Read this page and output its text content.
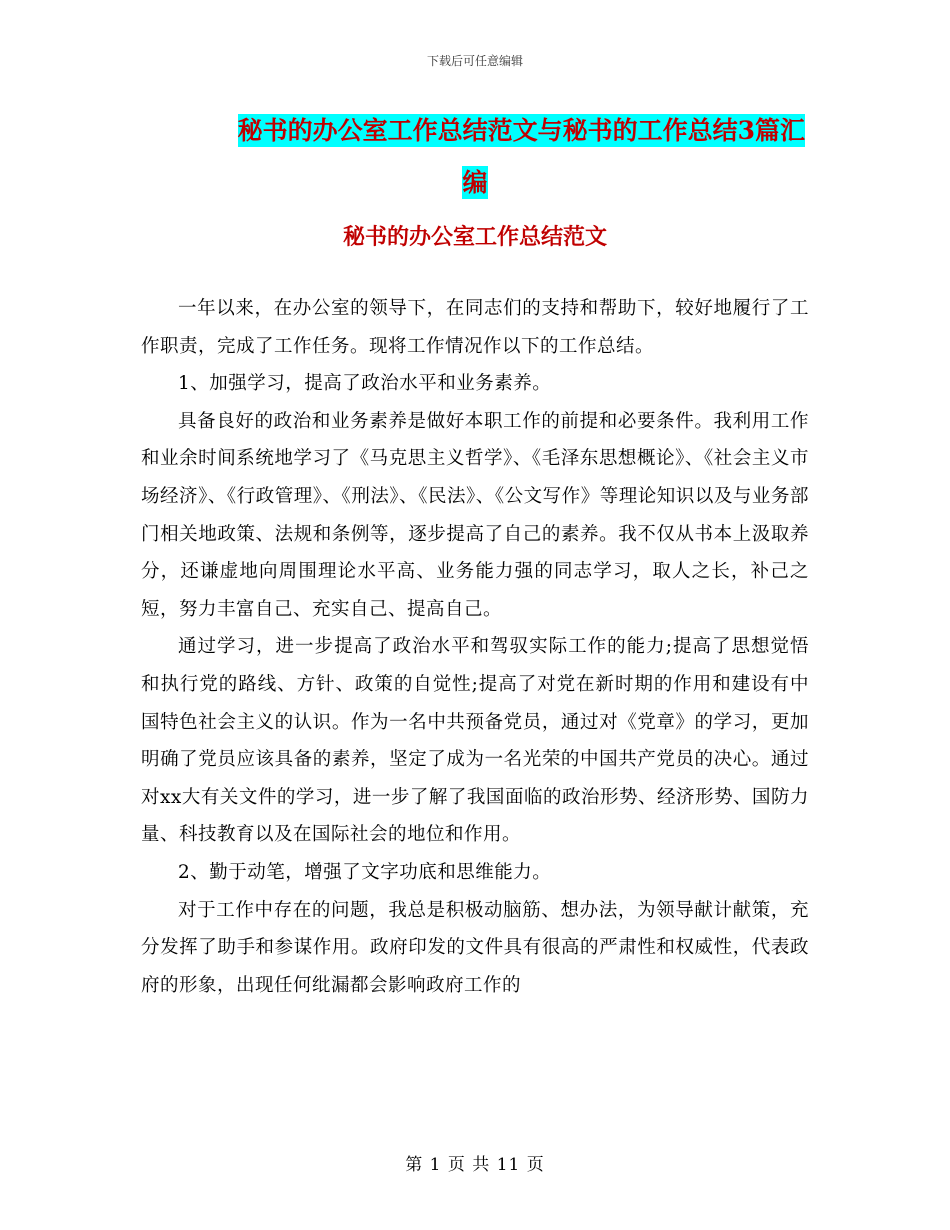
下载后可任意编辑
秘书的办公室工作总结范文与秘书的工作总结3篇汇
编
秘书的办公室工作总结范文

一年以来，在办公室的领导下，在同志们的支持和帮助下，较好地履行了工作职责，完成了工作任务。现将工作情况作以下的工作总结。

1、加强学习，提高了政治水平和业务素养。

具备良好的政治和业务素养是做好本职工作的前提和必要条件。我利用工作和业余时间系统地学习了《马克思主义哲学》、《毛泽东思想概论》、《社会主义市场经济》、《行政管理》、《刑法》、《民法》、《公文写作》等理论知识以及与业务部门相关地政策、法规和条例等，逐步提高了自己的素养。我不仅从书本上汲取养分，还谦虚地向周围理论水平高、业务能力强的同志学习，取人之长，补己之短，努力丰富自己、充实自己、提高自己。

通过学习，进一步提高了政治水平和驾驭实际工作的能力;提高了思想觉悟和执行党的路线、方针、政策的自觉性;提高了对党在新时期的作用和建设有中国特色社会主义的认识。作为一名中共预备党员，通过对《党章》的学习，更加明确了党员应该具备的素养，坚定了成为一名光荣的中国共产党员的决心。通过对xx大有关文件的学习，进一步了解了我国面临的政治形势、经济形势、国防力量、科技教育以及在国际社会的地位和作用。

2、勤于动笔，增强了文字功底和思维能力。

对于工作中存在的问题，我总是积极动脑筋、想办法，为领导献计献策，充分发挥了助手和参谋作用。政府印发的文件具有很高的严肃性和权威性，代表政府的形象，出现任何纰漏都会影响政府工作的

第 1 页 共 11 页
